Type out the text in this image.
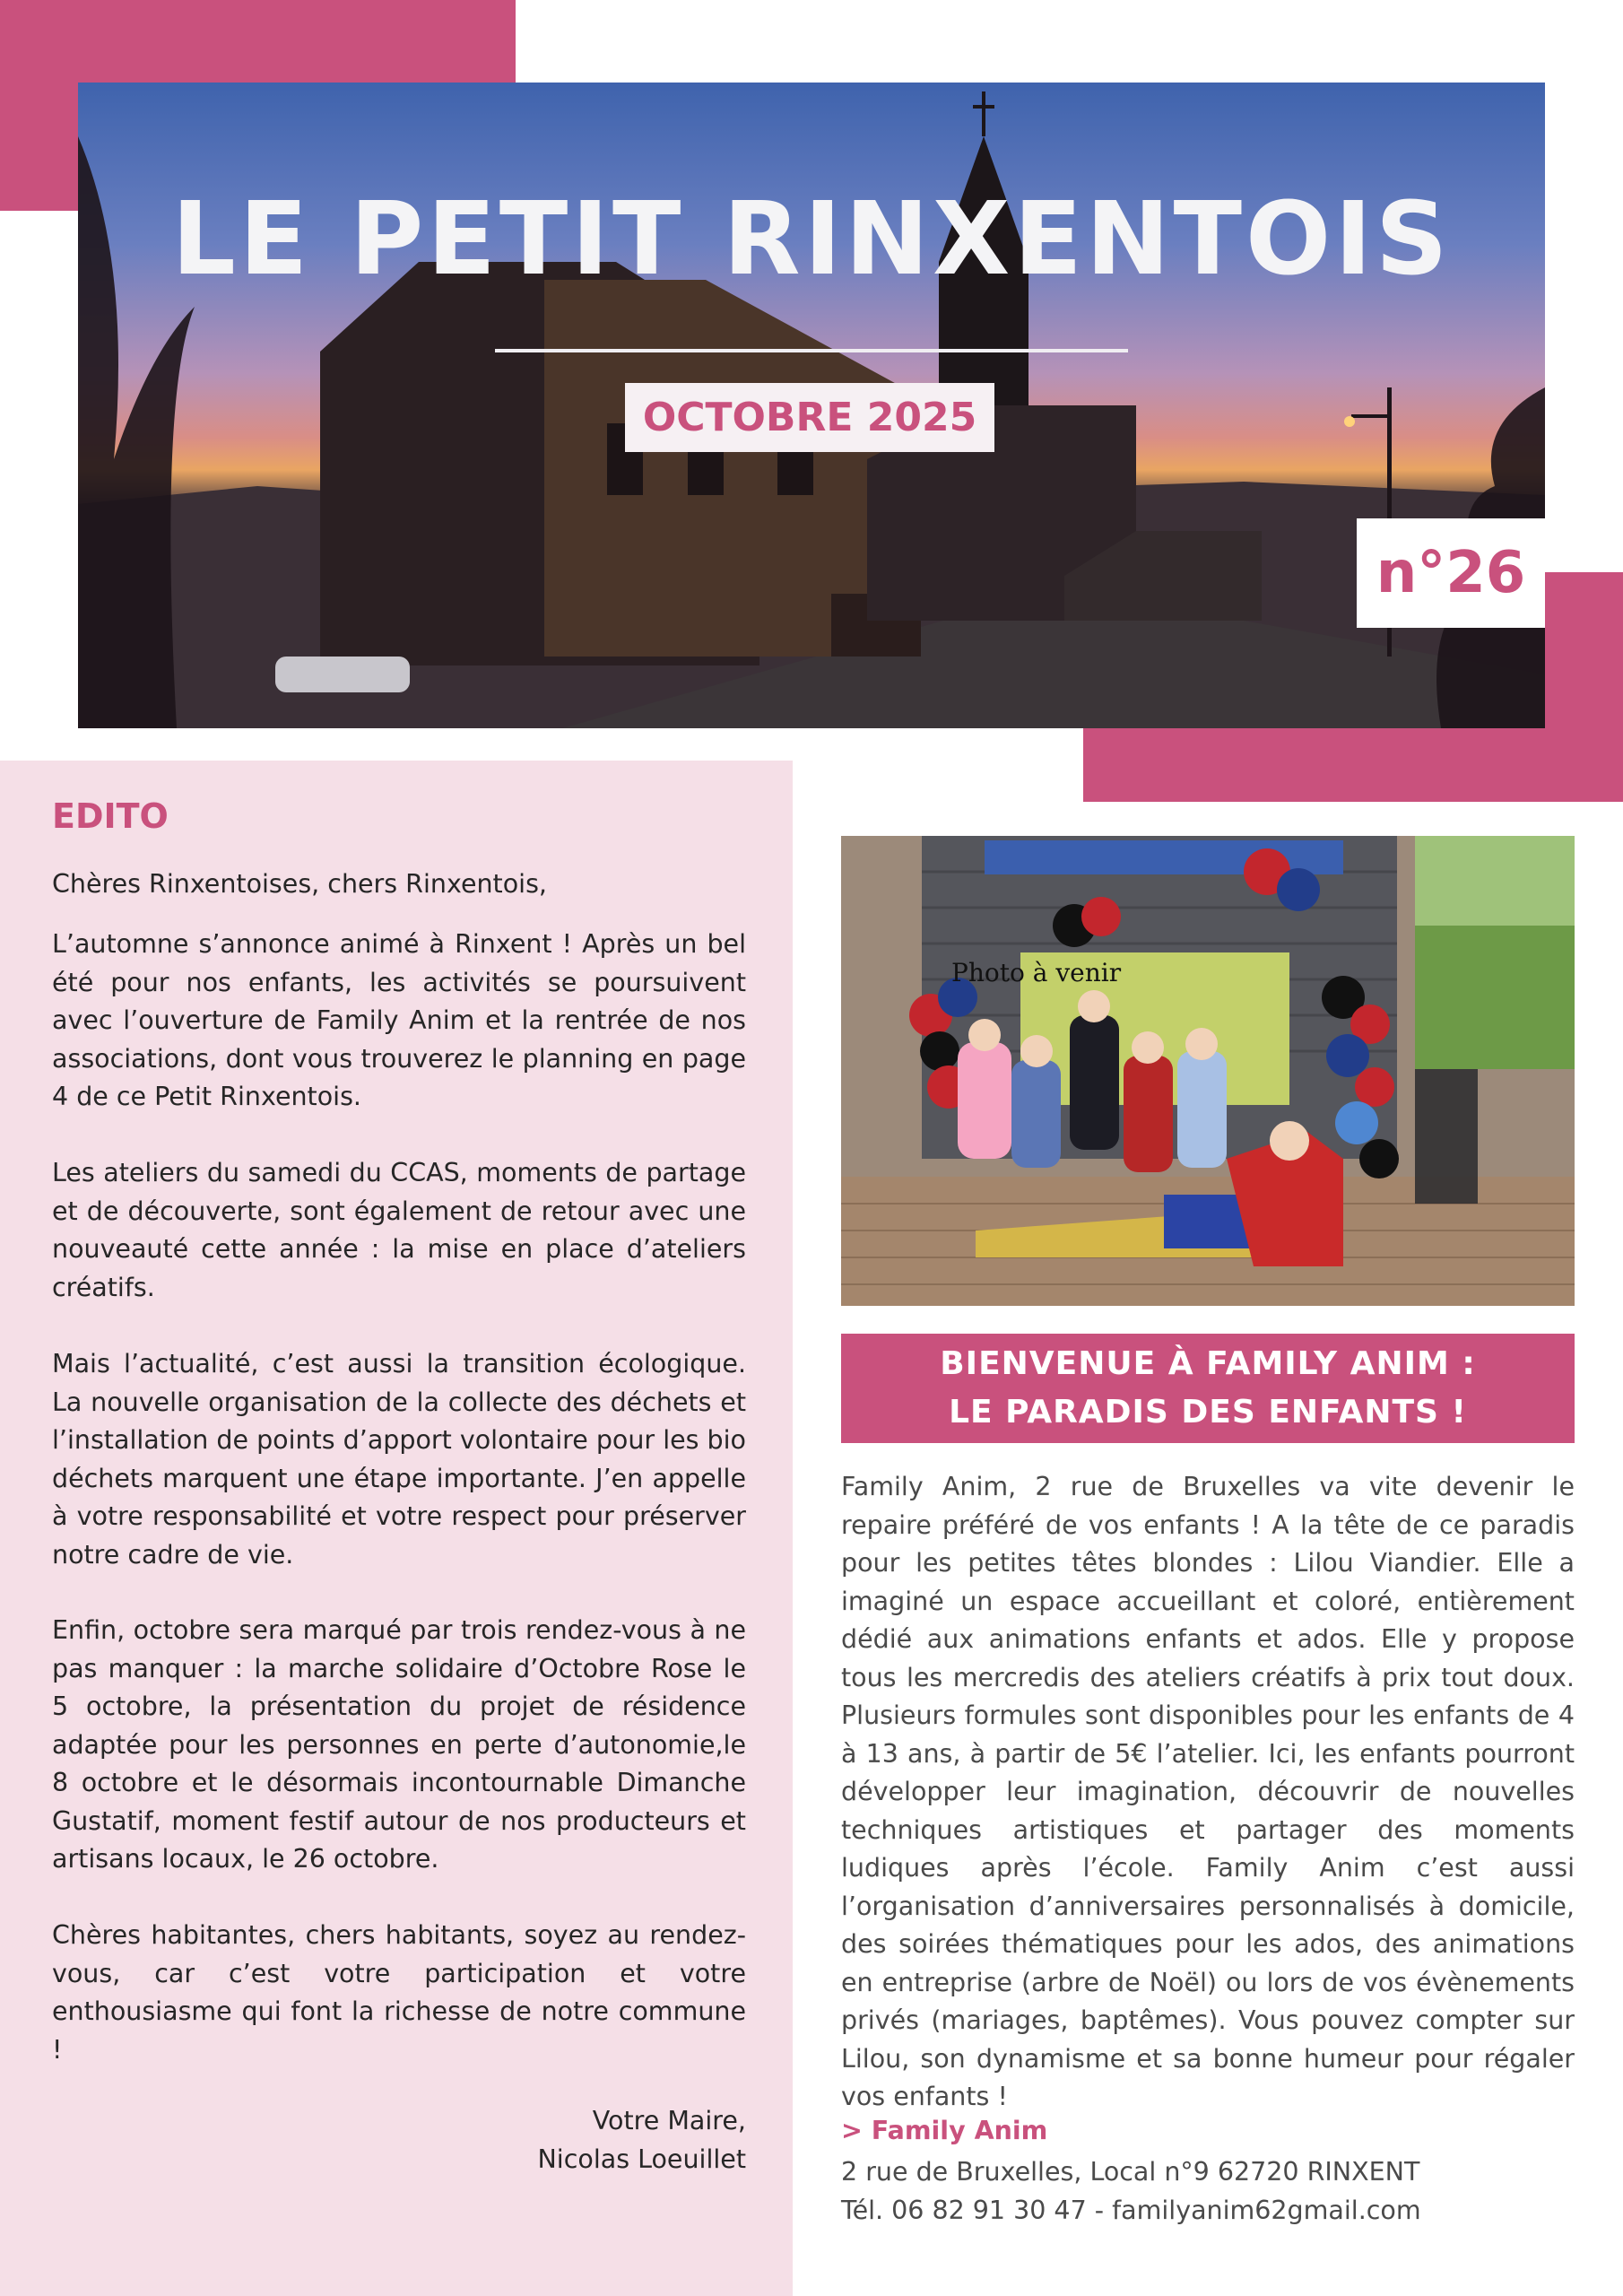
LE PETIT RINXENTOIS
OCTOBRE 2025
n°26
EDITO

Chères Rinxentoises, chers Rinxentois,

L’automne s’annonce animé à Rinxent ! Après un bel été pour nos enfants, les activités se poursuivent avec l’ouverture de Family Anim et la rentrée de nos associations, dont vous trouverez le planning en page 4 de ce Petit Rinxentois.

Les ateliers du samedi du CCAS, moments de partage et de découverte, sont également de retour avec une nouveauté cette année : la mise en place d’ateliers créatifs.

Mais l’actualité, c’est aussi la transition écologique. La nouvelle organisation de la collecte des déchets et l’installation de points d’apport volontaire pour les bio déchets marquent une étape importante. J’en appelle à votre responsabilité et votre respect pour préserver notre cadre de vie.

Enfin, octobre sera marqué par trois rendez-vous à ne pas manquer : la marche solidaire d’Octobre Rose le 5 octobre, la présentation du projet de résidence adaptée pour les personnes en perte d’autonomie,le 8 octobre et le désormais incontournable Dimanche Gustatif, moment festif autour de nos producteurs et artisans locaux, le 26 octobre.

Chères habitantes, chers habitants, soyez au rendez-vous, car c’est votre participation et votre enthousiasme qui font la richesse de notre commune !

Votre Maire,
Nicolas Loeuillet
Photo à venir
BIENVENUE À FAMILY ANIM :
LE PARADIS DES ENFANTS !

Family Anim, 2 rue de Bruxelles va vite devenir le repaire préféré de vos enfants ! A la tête de ce paradis pour les petites têtes blondes : Lilou Viandier. Elle a imaginé un espace accueillant et coloré, entièrement dédié aux animations enfants et ados. Elle y propose tous les mercredis des ateliers créatifs à prix tout doux. Plusieurs formules sont disponibles pour les enfants de 4 à 13 ans, à partir de 5€ l’atelier. Ici, les enfants pourront développer leur imagination, découvrir de nouvelles techniques artistiques et partager des moments ludiques après l’école. Family Anim c’est aussi l’organisation d’anniversaires personnalisés à domicile, des soirées thématiques pour les ados, des animations en entreprise (arbre de Noël) ou lors de vos évènements privés (mariages, baptêmes). Vous pouvez compter sur Lilou, son dynamisme et sa bonne humeur pour régaler vos enfants !

> Family Anim
2 rue de Bruxelles, Local n°9 62720 RINXENT
Tél. 06 82 91 30 47 - familyanim62gmail.com
